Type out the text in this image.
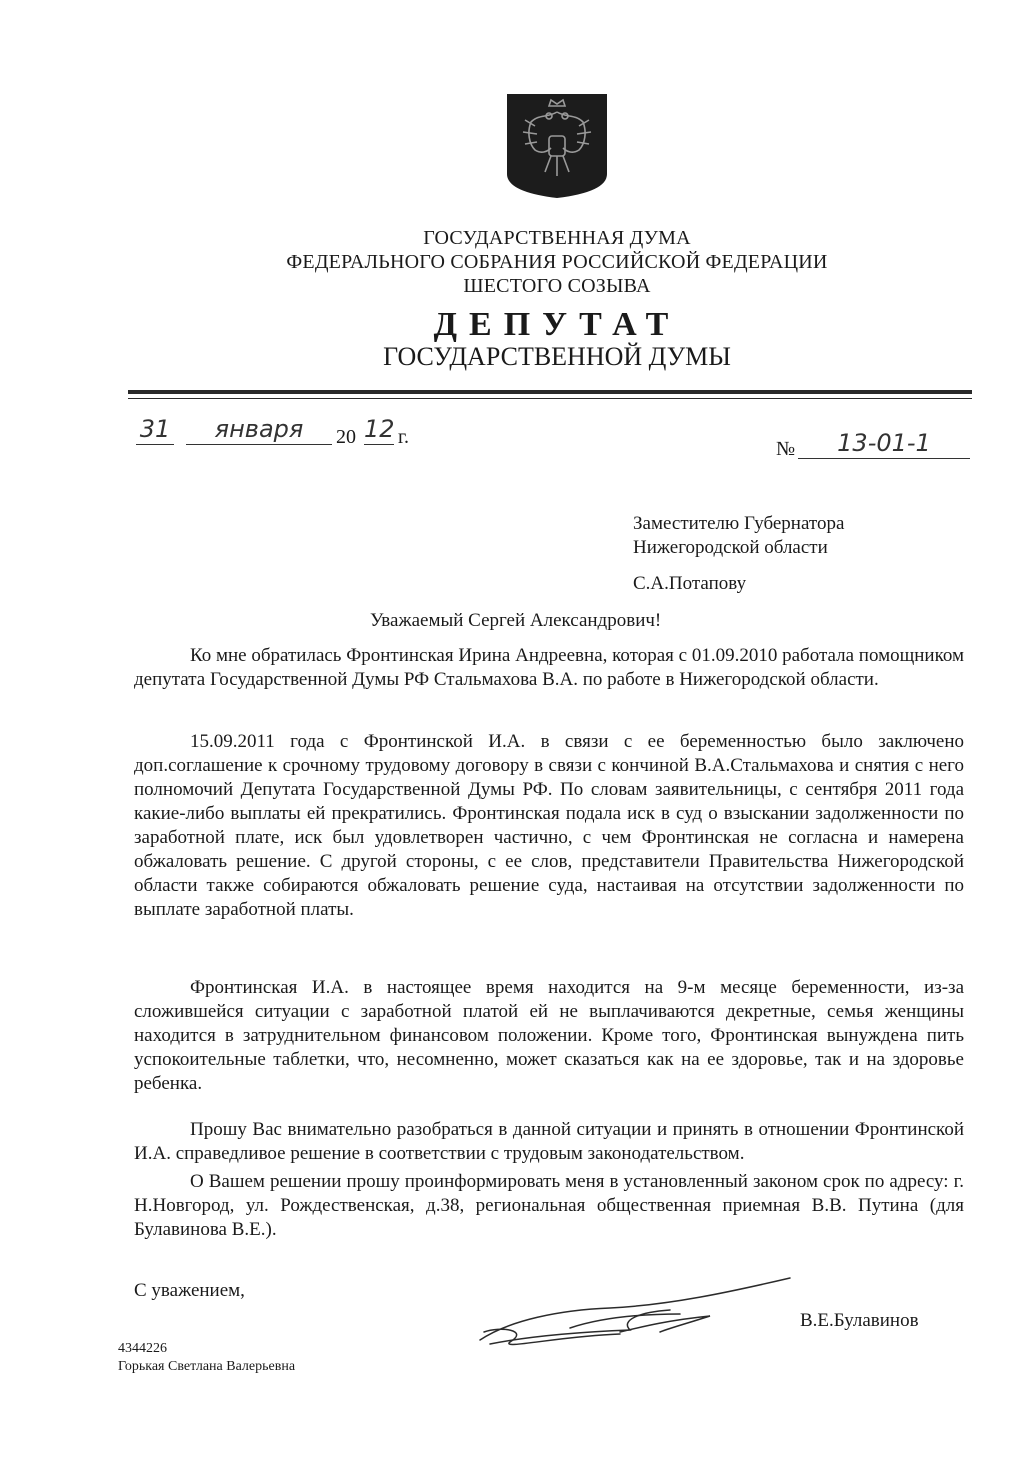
ГОСУДАРСТВЕННАЯ ДУМА
ФЕДЕРАЛЬНОГО СОБРАНИЯ РОССИЙСКОЙ ФЕДЕРАЦИИ
ШЕСТОГО СОЗЫВА
ДЕПУТАТ
ГОСУДАРСТВЕННОЙ ДУМЫ
31	января	20 12 г.
№	13-01-1
Заместителю Губернатора
Нижегородской области
С.А.Потапову
Уважаемый Сергей Александрович!

Ко мне обратилась Фронтинская Ирина Андреевна, которая с 01.09.2010 работала помощником депутата Государственной Думы РФ Стальмахова В.А. по работе в Нижегородской области.

15.09.2011 года с Фронтинской И.А. в связи с ее беременностью было заключено доп.соглашение к срочному трудовому договору в связи с кончиной В.А.Стальмахова и снятия с него полномочий Депутата Государственной Думы РФ. По словам заявительницы, с сентября 2011 года какие-либо выплаты ей прекратились. Фронтинская подала иск в суд о взыскании задолженности по заработной плате, иск был удовлетворен частично, с чем Фронтинская не согласна и намерена обжаловать решение. С другой стороны, с ее слов, представители Правительства Нижегородской области также собираются обжаловать решение суда, настаивая на отсутствии задолженности по выплате заработной платы.

Фронтинская И.А. в настоящее время находится на 9-м месяце беременности, из-за сложившейся ситуации с заработной платой ей не выплачиваются декретные, семья женщины находится в затруднительном финансовом положении. Кроме того, Фронтинская вынуждена пить успокоительные таблетки, что, несомненно, может сказаться как на ее здоровье, так и на здоровье ребенка.

Прошу Вас внимательно разобраться в данной ситуации и принять в отношении Фронтинской И.А. справедливое решение в соответствии с трудовым законодательством.

О Вашем решении прошу проинформировать меня в установленный законом срок по адресу: г. Н.Новгород, ул. Рождественская, д.38, региональная общественная приемная В.В. Путина (для Булавинова В.Е.).

С уважением,
В.Е.Булавинов
4344226
Горькая Светлана Валерьевна
